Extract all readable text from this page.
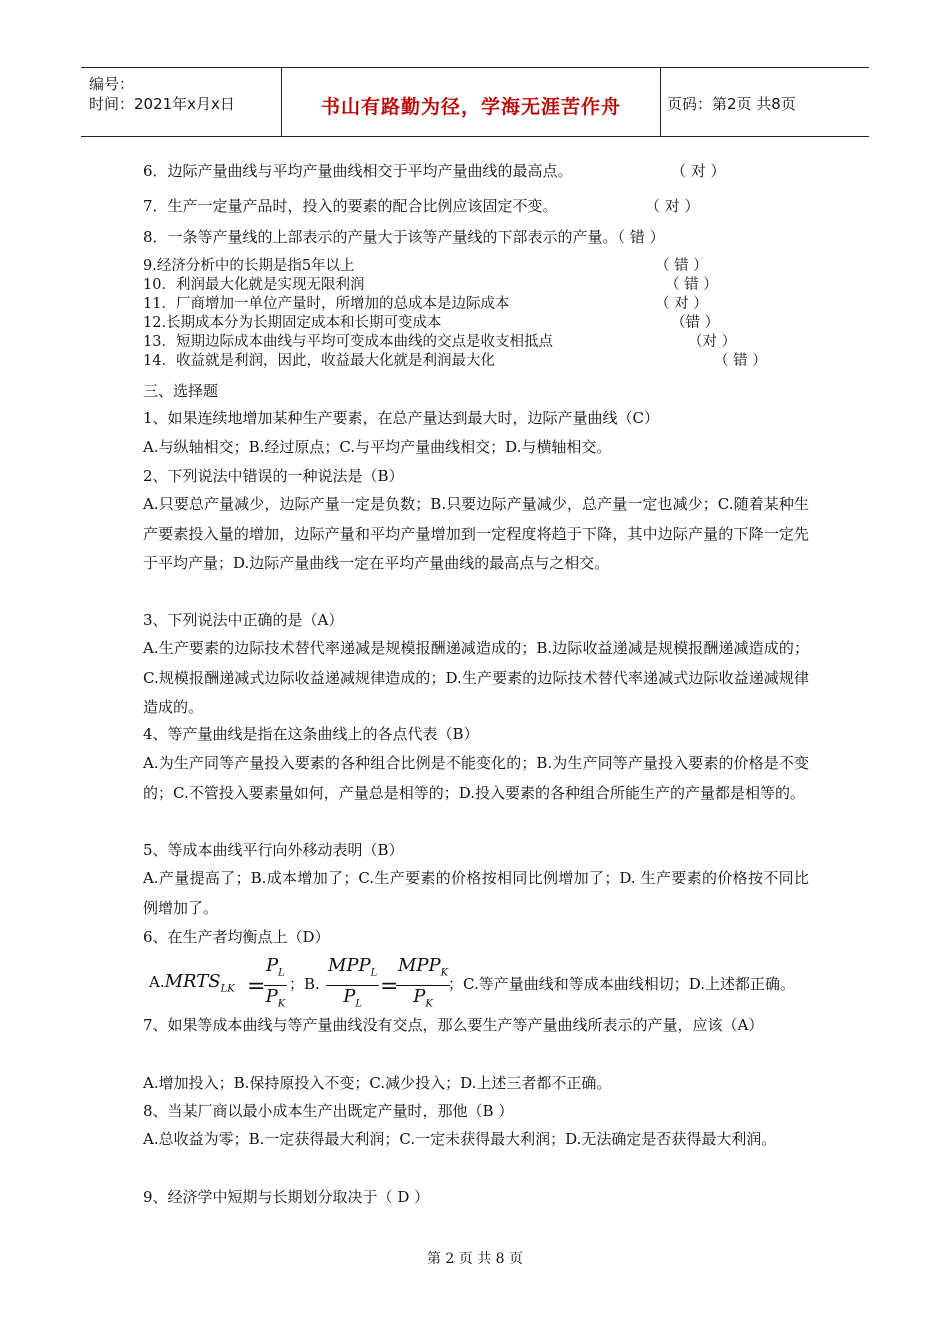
编号：
时间：2021年x月x日	书山有路勤为径，学海无涯苦作舟	页码：第2页 共8页
6．边际产量曲线与平均产量曲线相交于平均产量曲线的最高点。	（ 对 ）
7．生产一定量产品时，投入的要素的配合比例应该固定不变。	（ 对 ）
8．一条等产量线的上部表示的产量大于该等产量线的下部表示的产量。（ 错 ）
9.经济分析中的长期是指5年以上	（ 错 ）
10．利润最大化就是实现无限利润	（ 错 ）
11．厂商增加一单位产量时，所增加的总成本是边际成本	（ 对 ）
12.长期成本分为长期固定成本和长期可变成本	（错 ）
13．短期边际成本曲线与平均可变成本曲线的交点是收支相抵点	（对 ）
14．收益就是利润，因此，收益最大化就是利润最大化	（ 错 ）
三、选择题
1、如果连续地增加某种生产要素，在总产量达到最大时，边际产量曲线（C）
A.与纵轴相交；B.经过原点；C.与平均产量曲线相交；D.与横轴相交。
2、下列说法中错误的一种说法是（B）
A.只要总产量减少，边际产量一定是负数；B.只要边际产量减少，总产量一定也减少；C.随着某种生产要素投入量的增加，边际产量和平均产量增加到一定程度将趋于下降，其中边际产量的下降一定先于平均产量；D.边际产量曲线一定在平均产量曲线的最高点与之相交。
3、下列说法中正确的是（A）
A.生产要素的边际技术替代率递减是规模报酬递减造成的；B.边际收益递减是规模报酬递减造成的；C.规模报酬递减式边际收益递减规律造成的；D.生产要素的边际技术替代率递减式边际收益递减规律造成的。
4、等产量曲线是指在这条曲线上的各点代表（B）
A.为生产同等产量投入要素的各种组合比例是不能变化的；B.为生产同等产量投入要素的价格是不变的；C.不管投入要素量如何，产量总是相等的；D.投入要素的各种组合所能生产的产量都是相等的。
5、等成本曲线平行向外移动表明（B）
A.产量提高了；B.成本增加了；C.生产要素的价格按相同比例增加了；D. 生产要素的价格按不同比例增加了。
6、在生产者均衡点上（D）
$A.MRTS_{LK}$ =
$\frac{P_L}{P_K}$ ；B.
$MPP_L$
$P_L$
=
$MPP_K$
$P_K$
；C.等产量曲线和等成本曲线相切；D.上述都正确。
7、如果等成本曲线与等产量曲线没有交点，那么要生产等产量曲线所表示的产量，应该（A）
A.增加投入；B.保持原投入不变；C.减少投入；D.上述三者都不正确。
8、当某厂商以最小成本生产出既定产量时，那他（B ）
A.总收益为零；B.一定获得最大利润；C.一定未获得最大利润；D.无法确定是否获得最大利润。
9、经济学中短期与长期划分取决于（ D ）
第 2 页 共 8 页
